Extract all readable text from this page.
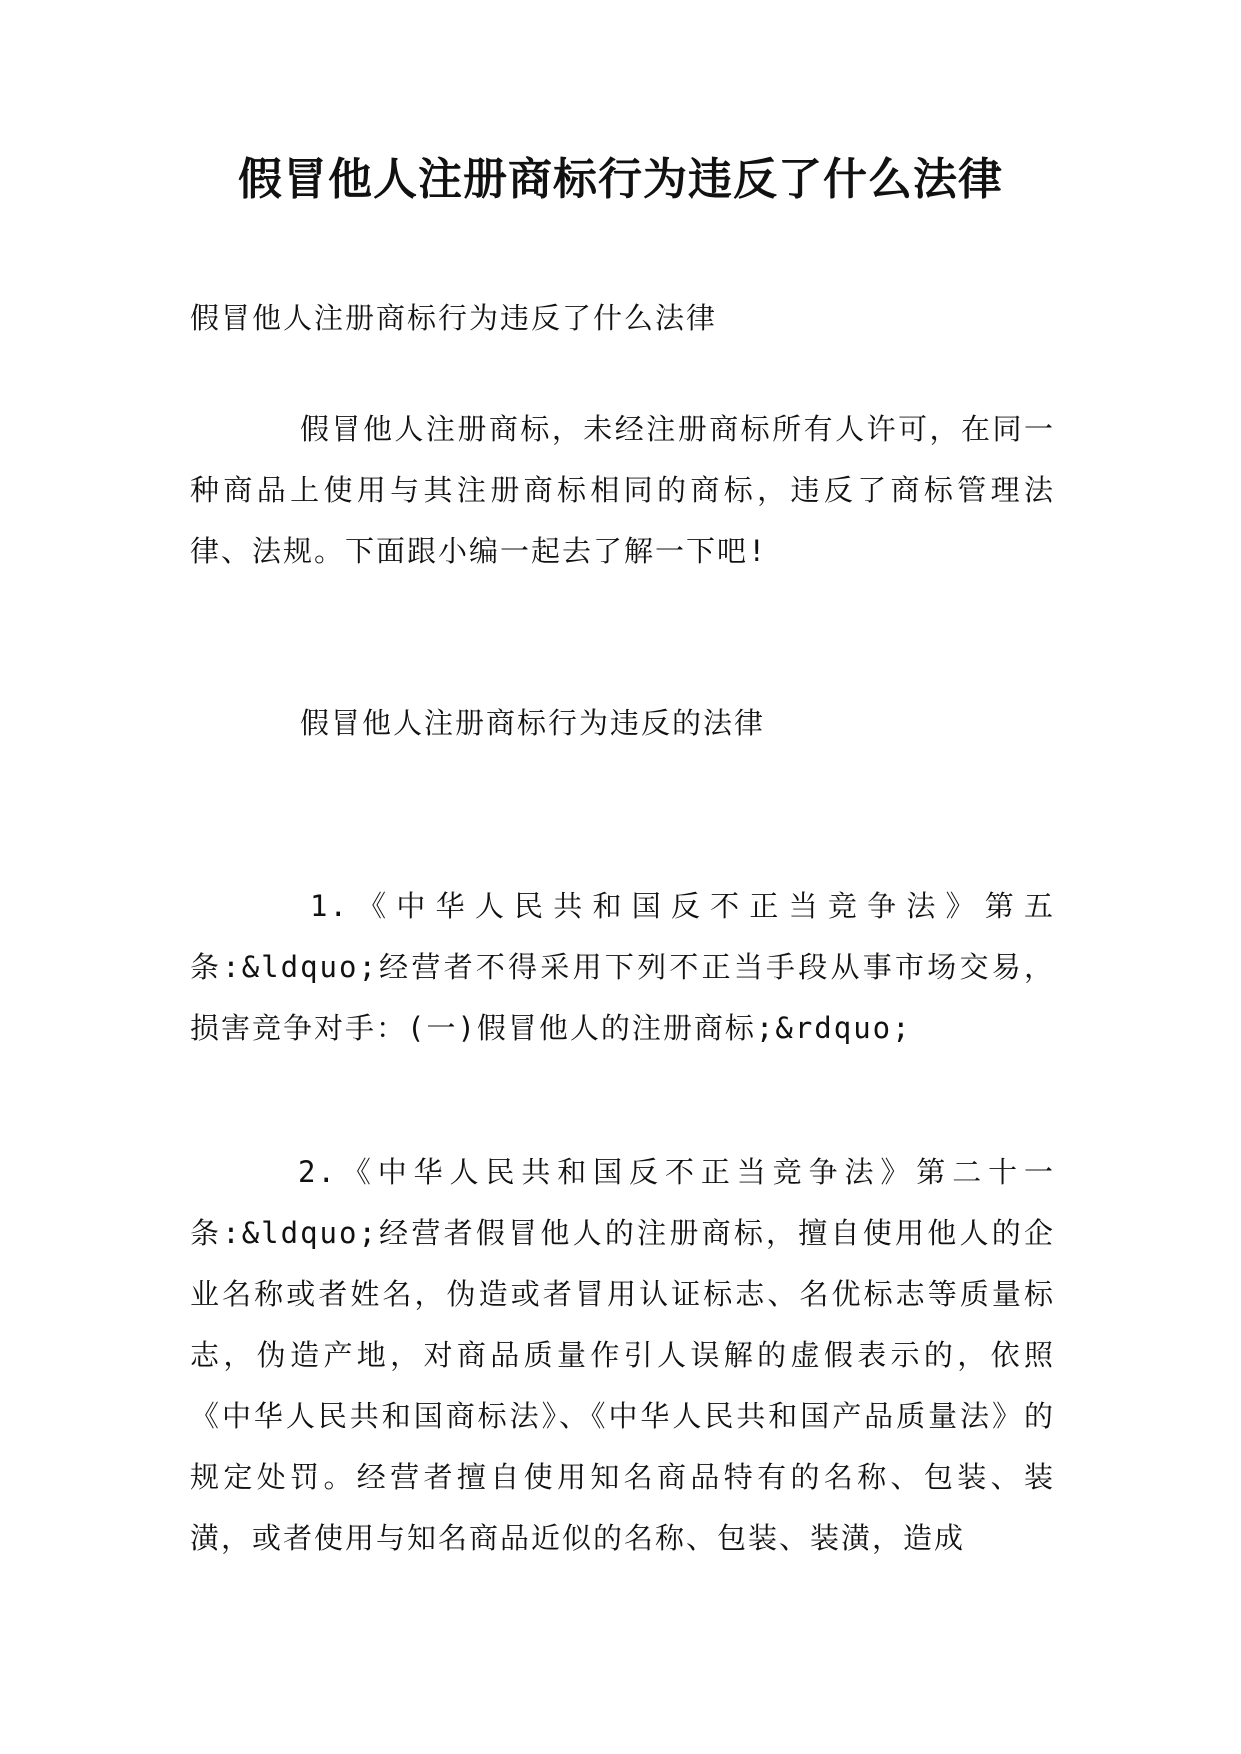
假冒他人注册商标行为违反了什么法律

假冒他人注册商标行为违反了什么法律

假冒他人注册商标，未经注册商标所有人许可，在同一种商品上使用与其注册商标相同的商标，违反了商标管理法律、法规。下面跟小编一起去了解一下吧!

假冒他人注册商标行为违反的法律

1.《中华人民共和国反不正当竞争法》第五条:&ldquo;经营者不得采用下列不正当手段从事市场交易，损害竞争对手：(一)假冒他人的注册商标;&rdquo;

2.《中华人民共和国反不正当竞争法》第二十一条:&ldquo;经营者假冒他人的注册商标，擅自使用他人的企业名称或者姓名，伪造或者冒用认证标志、名优标志等质量标志，伪造产地，对商品质量作引人误解的虚假表示的，依照《中华人民共和国商标法》、《中华人民共和国产品质量法》的规定处罚。经营者擅自使用知名商品特有的名称、包装、装潢，或者使用与知名商品近似的名称、包装、装潢，造成
